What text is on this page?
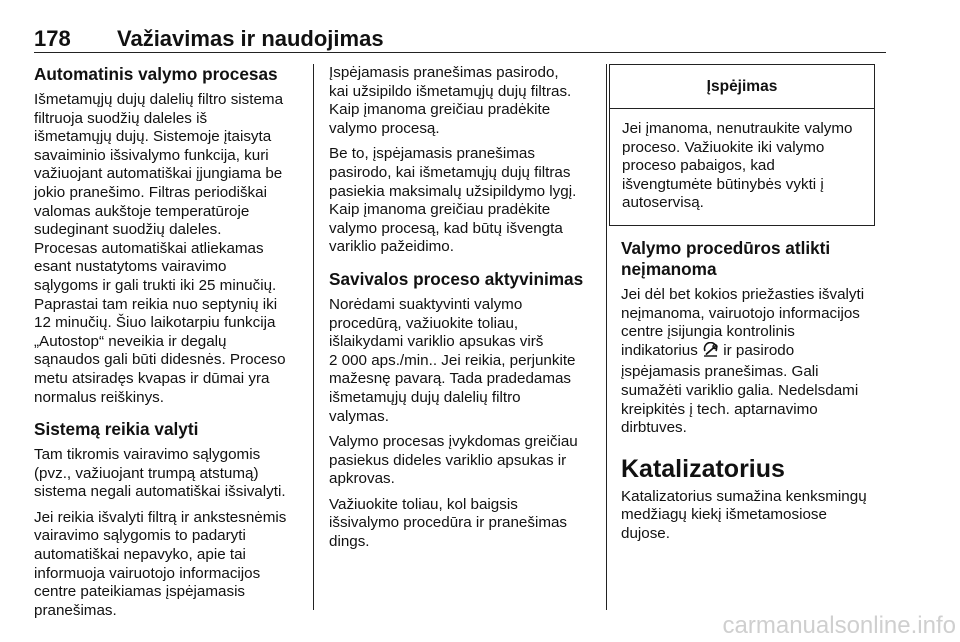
178 Važiavimas ir naudojimas
Automatinis valymo procesas

Išmetamųjų dujų dalelių filtro sistema
filtruoja suodžių daleles iš
išmetamųjų dujų. Sistemoje įtaisyta
savaiminio išsivalymo funkcija, kuri
važiuojant automatiškai įjungiama be
jokio pranešimo. Filtras periodiškai
valomas aukštoje temperatūroje
sudeginant suodžių daleles.
Procesas automatiškai atliekamas
esant nustatytoms vairavimo
sąlygoms ir gali trukti iki 25 minučių.
Paprastai tam reikia nuo septynių iki
12 minučių. Šiuo laikotarpiu funkcija
„Autostop“ neveikia ir degalų
sąnaudos gali būti didesnės. Proceso
metu atsiradęs kvapas ir dūmai yra
normalus reiškinys.

Sistemą reikia valyti

Tam tikromis vairavimo sąlygomis
(pvz., važiuojant trumpą atstumą)
sistema negali automatiškai išsivalyti.

Jei reikia išvalyti filtrą ir ankstesnėmis
vairavimo sąlygomis to padaryti
automatiškai nepavyko, apie tai
informuoja vairuotojo informacijos
centre pateikiamas įspėjamasis
pranešimas.

Įspėjamasis pranešimas pasirodo,
kai užsipildo išmetamųjų dujų filtras.
Kaip įmanoma greičiau pradėkite
valymo procesą.

Be to, įspėjamasis pranešimas
pasirodo, kai išmetamųjų dujų filtras
pasiekia maksimalų užsipildymo lygį.
Kaip įmanoma greičiau pradėkite
valymo procesą, kad būtų išvengta
variklio pažeidimo.

Savivalos proceso aktyvinimas

Norėdami suaktyvinti valymo
procedūrą, važiuokite toliau,
išlaikydami variklio apsukas virš
2 000 aps./min.. Jei reikia, perjunkite
mažesnę pavarą. Tada pradedamas
išmetamųjų dujų dalelių filtro
valymas.

Valymo procesas įvykdomas greičiau
pasiekus dideles variklio apsukas ir
apkrovas.

Važiuokite toliau, kol baigsis
išsivalymo procedūra ir pranešimas
dings.

Įspėjimas

Jei įmanoma, nenutraukite valymo
proceso. Važiuokite iki valymo
proceso pabaigos, kad
išvengtumėte būtinybės vykti į
autoservisą.

Valymo procedūros atlikti
neįmanoma

Jei dėl bet kokios priežasties išvalyti
neįmanoma, vairuotojo informacijos
centre įsijungia kontrolinis
indikatorius  ir pasirodo
įspėjamasis pranešimas. Gali
sumažėti variklio galia. Nedelsdami
kreipkitės į tech. aptarnavimo
dirbtuves.

Katalizatorius

Katalizatorius sumažina kenksmingų
medžiagų kiekį išmetamosiose
dujose.

carmanualsonline.info
